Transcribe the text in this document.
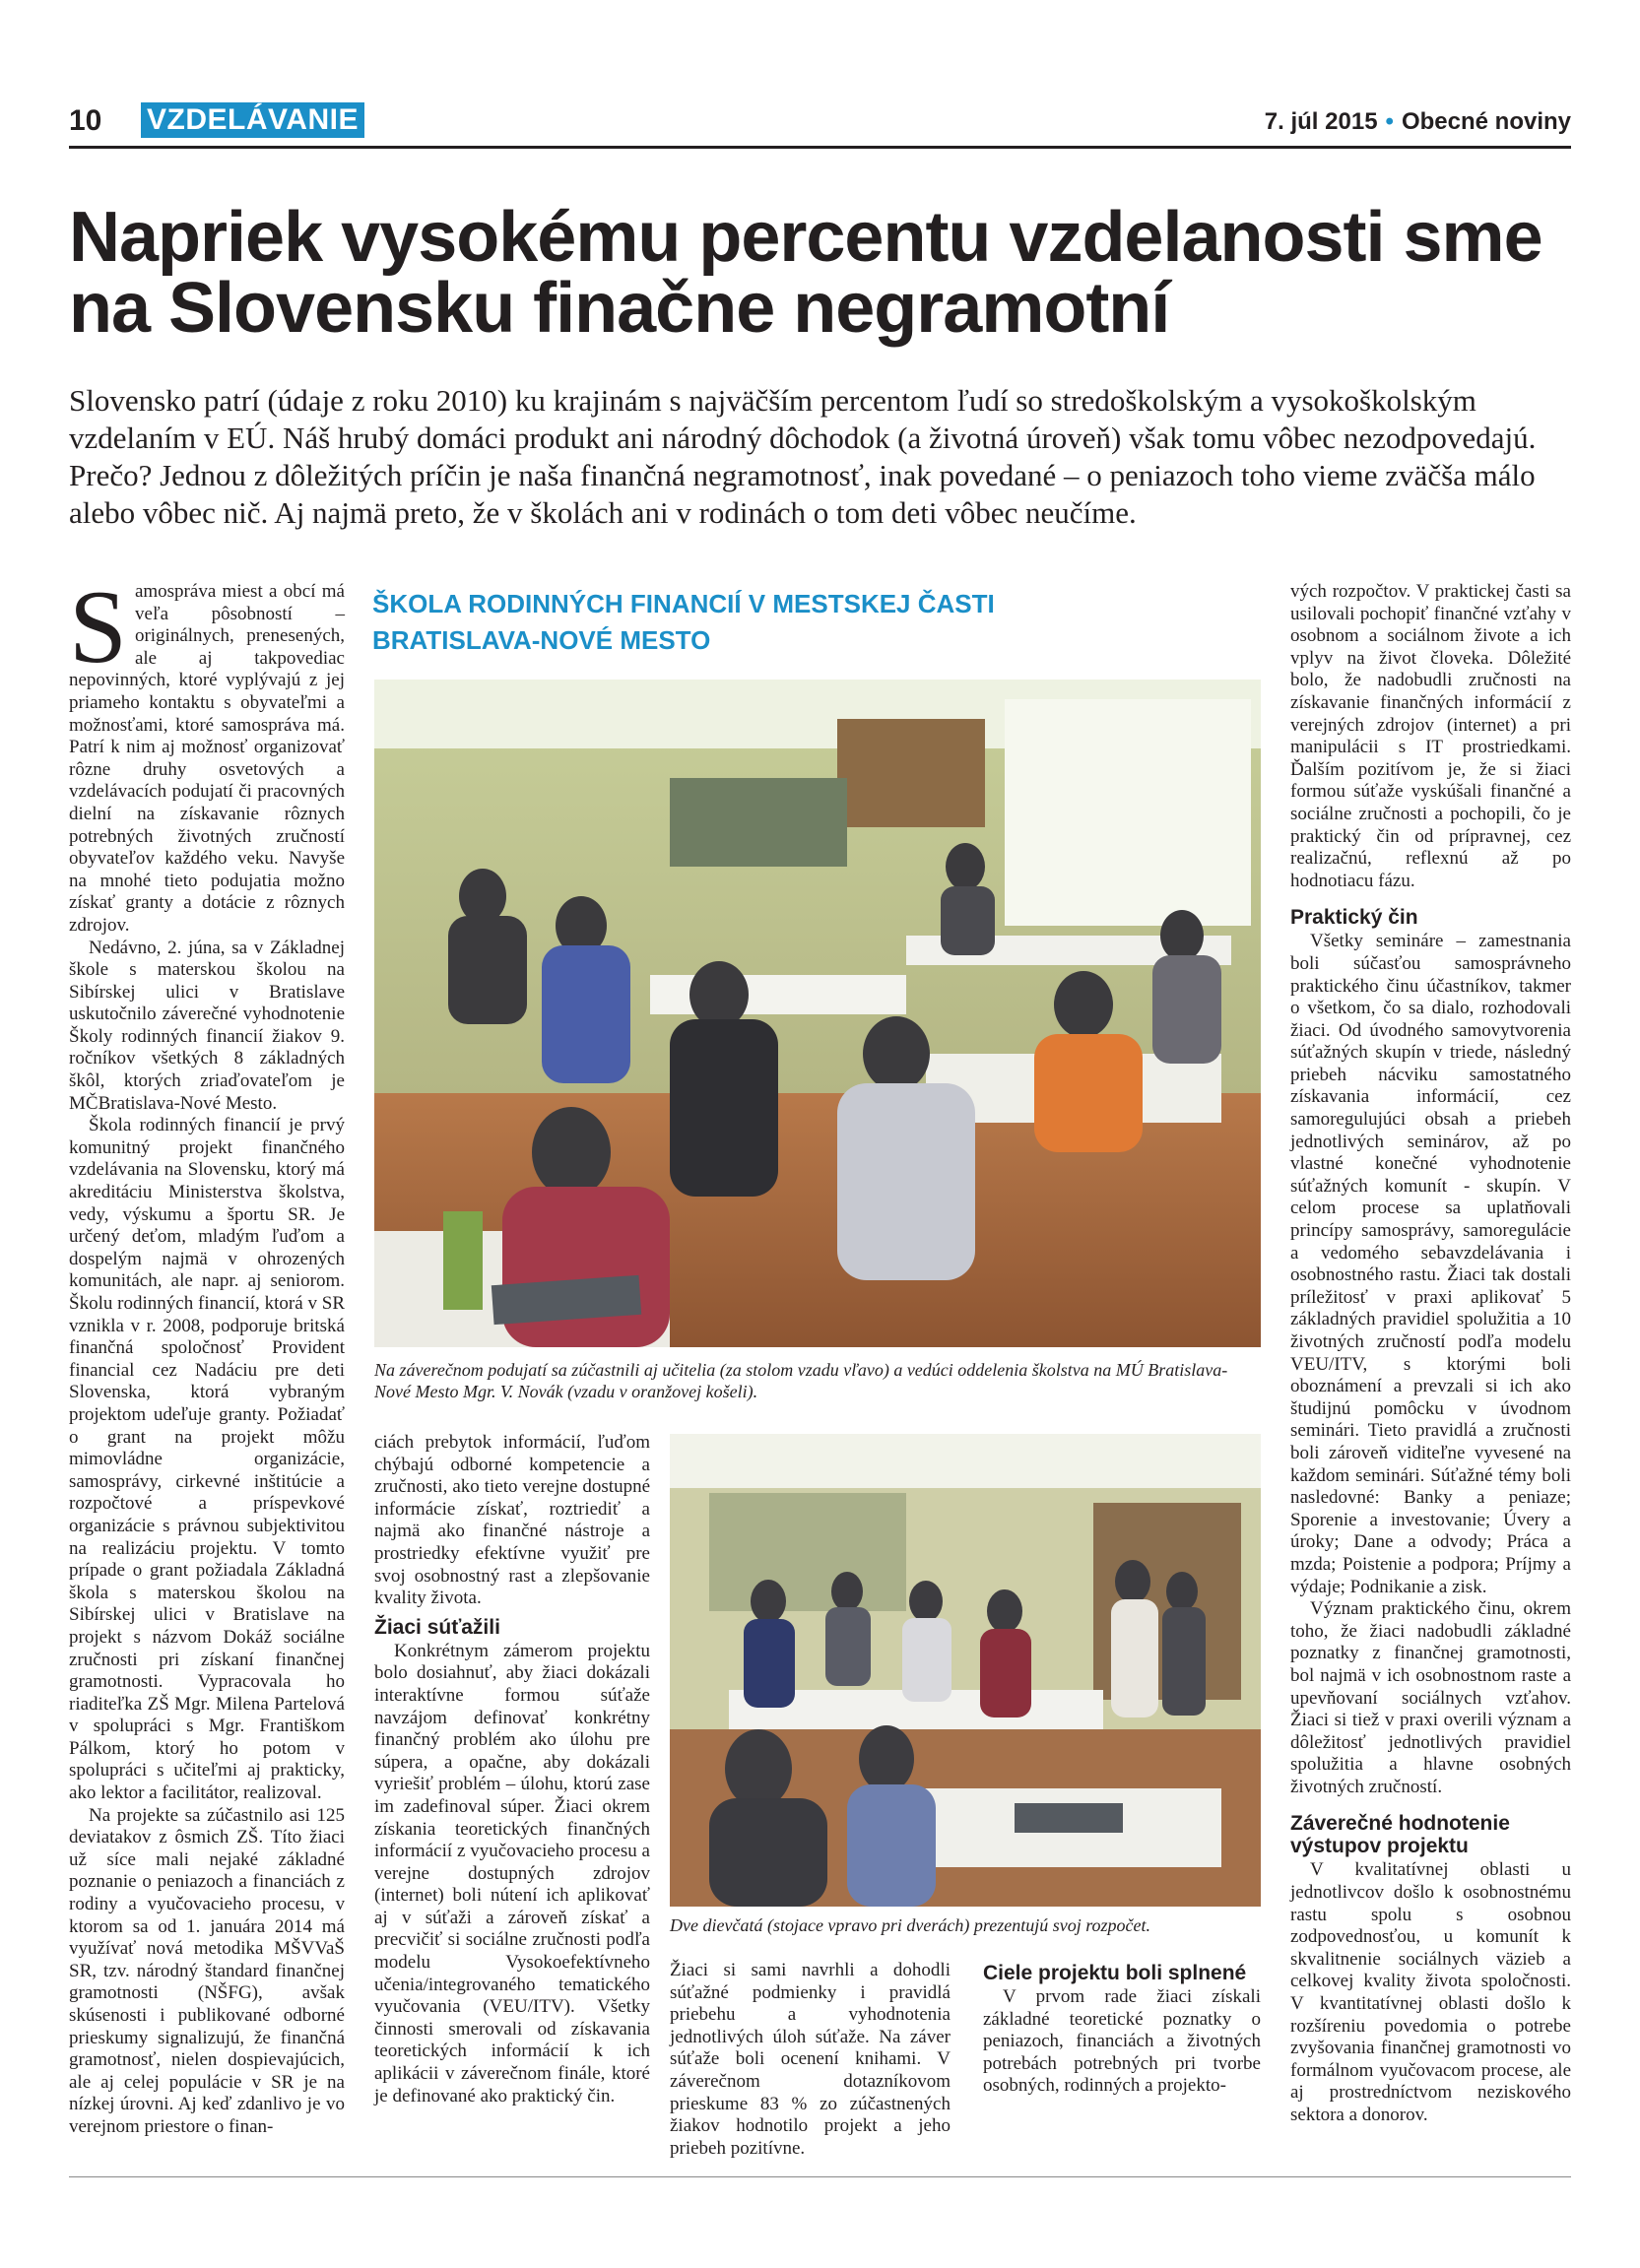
10 VZDELÁVANIE	7. júl 2015 • Obecné noviny
Napriek vysokému percentu vzdelanosti sme na Slovensku finačne negramotní

Slovensko patrí (údaje z roku 2010) ku krajinám s najväčším percentom ľudí so stredoškolským a vysokoškolským vzdelaním v EÚ. Náš hrubý domáci produkt ani národný dôchodok (a životná úroveň) však tomu vôbec nezodpovedajú. Prečo? Jednou z dôležitých príčin je naša finančná negramotnosť, inak povedané – o peniazoch toho vieme zväčša málo alebo vôbec nič. Aj najmä preto, že v školách ani v rodinách o tom deti vôbec neučíme.

Samospráva miest a obcí má veľa pôsobností – originálnych, prenesených, ale aj takpovediac nepovinných, ktoré vyplývajú z jej priameho kontaktu s obyvateľmi a možnosťami, ktoré samospráva má. Patrí k nim aj možnosť organizovať rôzne druhy osvetových a vzdelávacích podujatí či pracovných dielní na získavanie rôznych potrebných životných zručností obyvateľov každého veku. Navyše na mnohé tieto podujatia možno získať granty a dotácie z rôznych zdrojov.

Nedávno, 2. júna, sa v Základnej škole s materskou školou na Sibírskej ulici v Bratislave uskutočnilo záverečné vyhodnotenie Školy rodinných financií žiakov 9. ročníkov všetkých 8 základných škôl, ktorých zriaďovateľom je MČBratislava-Nové Mesto.

Škola rodinných financií je prvý komunitný projekt finančného vzdelávania na Slovensku, ktorý má akreditáciu Ministerstva školstva, vedy, výskumu a športu SR. Je určený deťom, mladým ľuďom a dospelým najmä v ohrozených komunitách, ale napr. aj seniorom. Školu rodinných financií, ktorá v SR vznikla v r. 2008, podporuje britská finančná spoločnosť Provident financial cez Nadáciu pre deti Slovenska, ktorá vybraným projektom udeľuje granty. Požiadať o grant na projekt môžu mimovládne organizácie, samosprávy, cirkevné inštitúcie a rozpočtové a príspevkové organizácie s právnou subjektivitou na realizáciu projektu. V tomto prípade o grant požiadala Základná škola s materskou školou na Sibírskej ulici v Bratislave na projekt s názvom Dokáž sociálne zručnosti pri získaní finančnej gramotnosti. Vypracovala ho riaditeľka ZŠ Mgr. Milena Partelová v spolupráci s Mgr. Františkom Pálkom, ktorý ho potom v spolupráci s učiteľmi aj prakticky, ako lektor a facilitátor, realizoval.

Na projekte sa zúčastnilo asi 125 deviatakov z ôsmich ZŠ. Títo žiaci už síce mali nejaké základné poznanie o peniazoch a financiách z rodiny a vyučovacieho procesu, v ktorom sa od 1. januára 2014 má využívať nová metodika MŠVVaŠ SR, tzv. národný štandard finančnej gramotnosti (NŠFG), avšak skúsenosti i publikované odborné prieskumy signalizujú, že finančná gramotnosť, nielen dospievajúcich, ale aj celej populácie v SR je na nízkej úrovni. Aj keď zdanlivo je vo verejnom priestore o finan-

ŠKOLA RODINNÝCH FINANCIÍ V MESTSKEJ ČASTI
BRATISLAVA-NOVÉ MESTO
Na záverečnom podujatí sa zúčastnili aj učitelia (za stolom vzadu vľavo) a vedúci oddelenia školstva na MÚ Bratislava-Nové Mesto Mgr. V. Novák (vzadu v oranžovej košeli).

ciách prebytok informácií, ľuďom chýbajú odborné kompetencie a zručnosti, ako tieto verejne dostupné informácie získať, roztriediť a najmä ako finančné nástroje a prostriedky efektívne využiť pre svoj osobnostný rast a zlepšovanie kvality života.

Žiaci súťažili

Konkrétnym zámerom projektu bolo dosiahnuť, aby žiaci dokázali interaktívne formou súťaže navzájom definovať konkrétny finančný problém ako úlohu pre súpera, a opačne, aby dokázali vyriešiť problém – úlohu, ktorú zase im zadefinoval súper. Žiaci okrem získania teoretických finančných informácií z vyučovacieho procesu a verejne dostupných zdrojov (internet) boli nútení ich aplikovať aj v súťaži a zároveň získať a precvičiť si sociálne zručnosti podľa modelu Vysokoefektívneho učenia/integrovaného tematického vyučovania (VEU/ITV). Všetky činnosti smerovali od získavania teoretických informácií k ich aplikácii v záverečnom finále, ktoré je definované ako praktický čin.

Dve dievčatá (stojace vpravo pri dverách) prezentujú svoj rozpočet.

Žiaci si sami navrhli a dohodli súťažné podmienky i pravidlá priebehu a vyhodnotenia jednotlivých úloh súťaže. Na záver súťaže boli ocenení knihami. V záverečnom dotazníkovom prieskume 83 % zo zúčastnených žiakov hodnotilo projekt a jeho priebeh pozitívne.

Ciele projektu boli splnené

V prvom rade žiaci získali základné teoretické poznatky o peniazoch, financiách a životných potrebách potrebných pri tvorbe osobných, rodinných a projekto-

vých rozpočtov. V praktickej časti sa usilovali pochopiť finančné vzťahy v osobnom a sociálnom živote a ich vplyv na život človeka. Dôležité bolo, že nadobudli zručnosti na získavanie finančných informácií z verejných zdrojov (internet) a pri manipulácii s IT prostriedkami. Ďalším pozitívom je, že si žiaci formou súťaže vyskúšali finančné a sociálne zručnosti a pochopili, čo je praktický čin od prípravnej, cez realizačnú, reflexnú až po hodnotiacu fázu.

Praktický čin

Všetky semináre – zamestnania boli súčasťou samosprávneho praktického činu účastníkov, takmer o všetkom, čo sa dialo, rozhodovali žiaci. Od úvodného samovytvorenia súťažných skupín v triede, následný priebeh nácviku samostatného získavania informácií, cez samoregulujúci obsah a priebeh jednotlivých seminárov, až po vlastné konečné vyhodnotenie súťažných komunít - skupín. V celom procese sa uplatňovali princípy samosprávy, samoregulácie a vedomého sebavzdelávania i osobnostného rastu. Žiaci tak dostali príležitosť v praxi aplikovať 5 základných pravidiel spolužitia a 10 životných zručností podľa modelu VEU/ITV, s ktorými boli oboznámení a prevzali si ich ako študijnú pomôcku v úvodnom seminári. Tieto pravidlá a zručnosti boli zároveň viditeľne vyvesené na každom seminári. Súťažné témy boli nasledovné: Banky a peniaze; Sporenie a investovanie; Úvery a úroky; Dane a odvody; Práca a mzda; Poistenie a podpora; Príjmy a výdaje; Podnikanie a zisk.

Význam praktického činu, okrem toho, že žiaci nadobudli základné poznatky z finančnej gramotnosti, bol najmä v ich osobnostnom raste a upevňovaní sociálnych vzťahov. Žiaci si tiež v praxi overili význam a dôležitosť jednotlivých pravidiel spolužitia a hlavne osobných životných zručností.

Záverečné hodnotenie výstupov projektu

V kvalitatívnej oblasti u jednotlivcov došlo k osobnostnému rastu spolu s osobnou zodpovednosťou, u komunít k skvalitnenie sociálnych väzieb a celkovej kvality života spoločnosti. V kvantitatívnej oblasti došlo k rozšíreniu povedomia o potrebe zvyšovania finančnej gramotnosti vo formálnom vyučovacom procese, ale aj prostredníctvom neziskového sektora a donorov.
